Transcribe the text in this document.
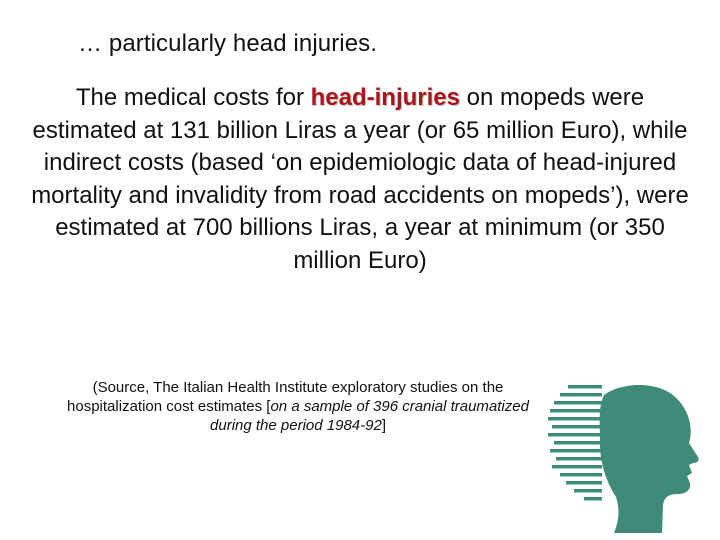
… particularly head injuries.
The medical costs for head-injuries on mopeds were estimated at 131 billion Liras a year (or 65 million Euro), while indirect costs (based ‘on epidemiologic data of head-injured mortality and invalidity from road accidents on mopeds’), were estimated at 700 billions Liras, a year at minimum (or 350 million Euro)
(Source, The Italian Health Institute exploratory studies on the hospitalization cost estimates [on a sample of 396 cranial traumatized during the period 1984-92]
